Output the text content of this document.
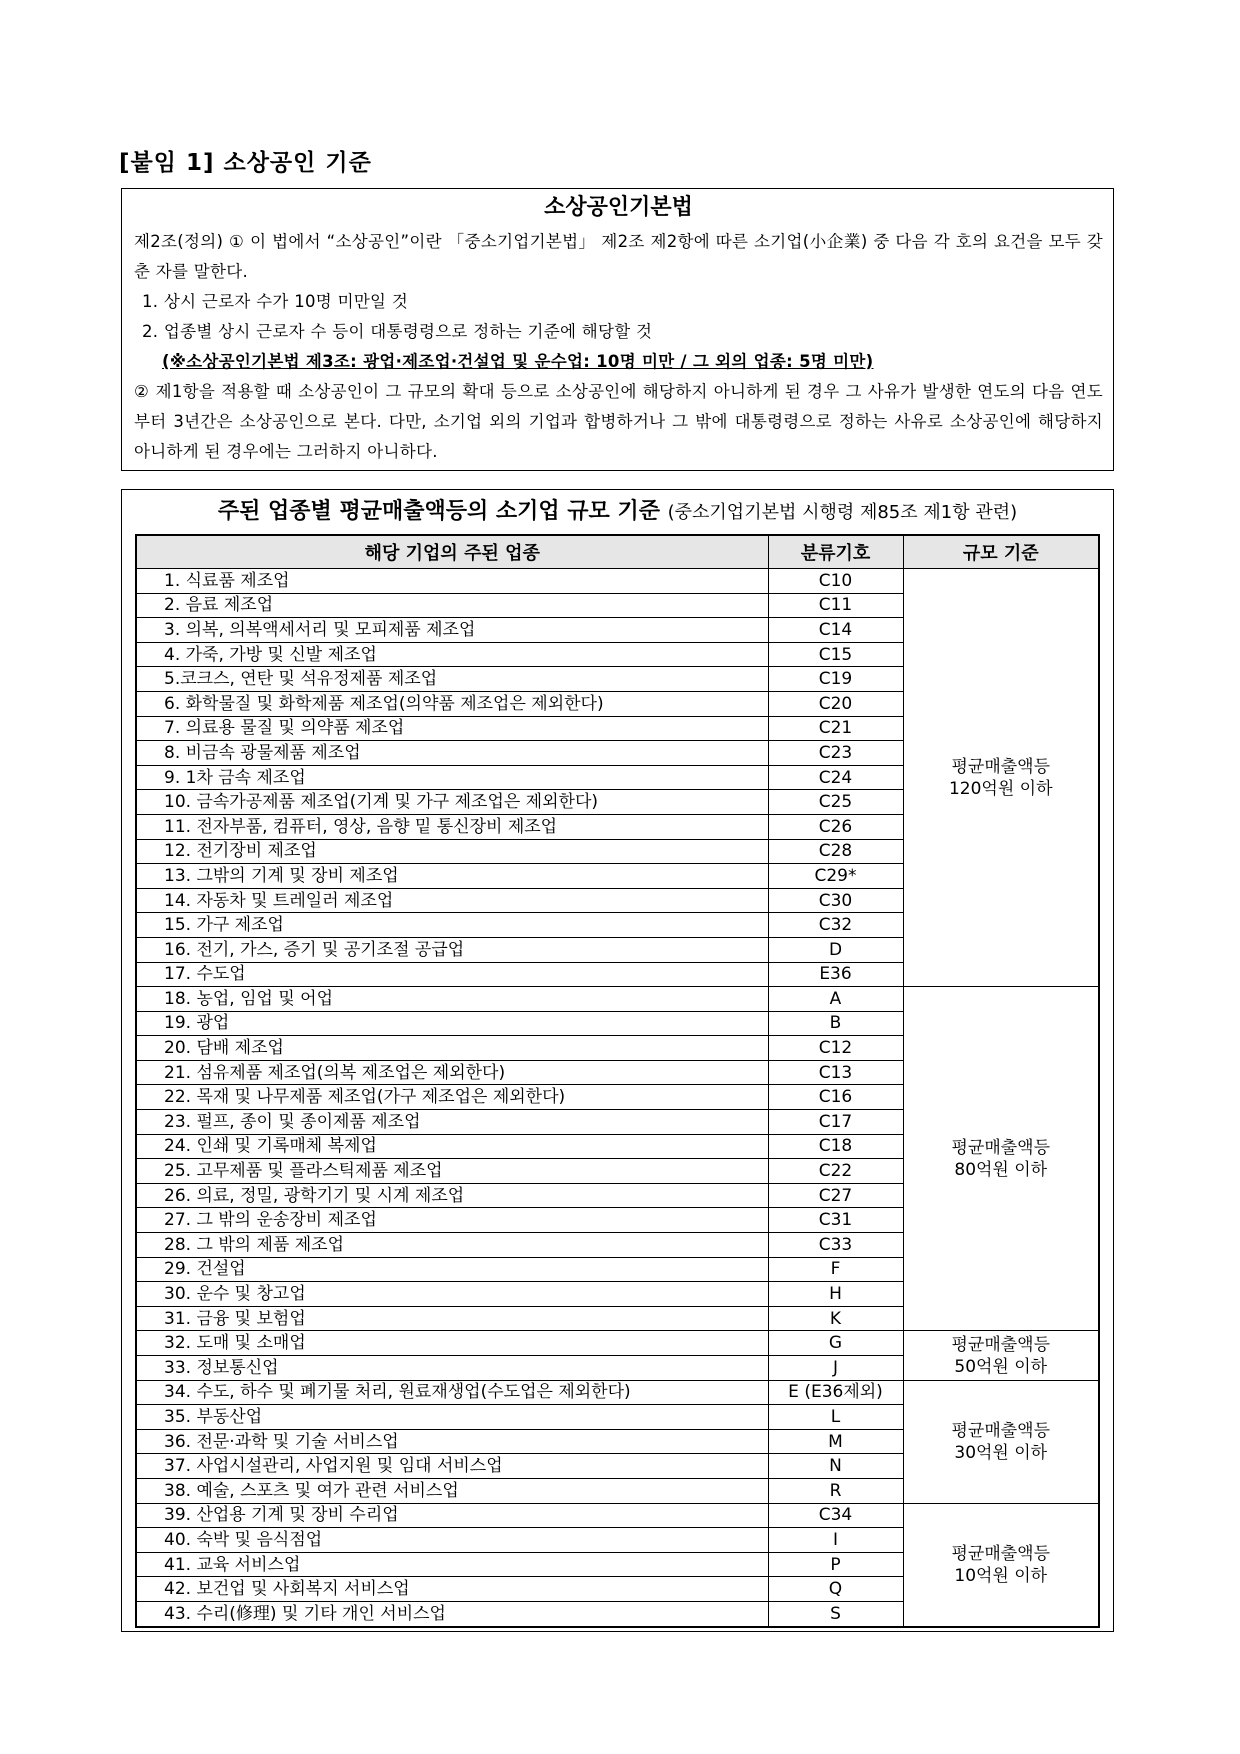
[붙임 1] 소상공인 기준
소상공인기본법

제2조(정의) ① 이 법에서 “소상공인”이란 「중소기업기본법」 제2조 제2항에 따른 소기업(小企業) 중 다음 각 호의 요건을 모두 갖춘 자를 말한다.

1. 상시 근로자 수가 10명 미만일 것

2. 업종별 상시 근로자 수 등이 대통령령으로 정하는 기준에 해당할 것

(※소상공인기본법 제3조: 광업·제조업·건설업 및 운수업: 10명 미만 / 그 외의 업종: 5명 미만)

② 제1항을 적용할 때 소상공인이 그 규모의 확대 등으로 소상공인에 해당하지 아니하게 된 경우 그 사유가 발생한 연도의 다음 연도부터 3년간은 소상공인으로 본다. 다만, 소기업 외의 기업과 합병하거나 그 밖에 대통령령으로 정하는 사유로 소상공인에 해당하지 아니하게 된 경우에는 그러하지 아니하다.

주된 업종별 평균매출액등의 소기업 규모 기준 (중소기업기본법 시행령 제85조 제1항 관련)
해당 기업의 주된 업종	분류기호	규모 기준
1. 식료품 제조업	C10	평균매출액등
120억원 이하

2. 음료 제조업	C11	
3. 의복, 의복액세서리 및 모피제품 제조업	C14	
4. 가죽, 가방 및 신발 제조업	C15	
5.코크스, 연탄 및 석유정제품 제조업	C19	
6. 화학물질 및 화학제품 제조업(의약품 제조업은 제외한다)	C20	
7. 의료용 물질 및 의약품 제조업	C21	
8. 비금속 광물제품 제조업	C23	
9. 1차 금속 제조업	C24	
10. 금속가공제품 제조업(기계 및 가구 제조업은 제외한다)	C25	
11. 전자부품, 컴퓨터, 영상, 음향 밑 통신장비 제조업	C26	
12. 전기장비 제조업	C28	
13. 그밖의 기계 및 장비 제조업	C29*	
14. 자동차 및 트레일러 제조업	C30	
15. 가구 제조업	C32	
16. 전기, 가스, 증기 및 공기조절 공급업	D	
17. 수도업	E36	
18. 농업, 임업 및 어업	A	평균매출액등
80억원 이하

19. 광업	B	
20. 담배 제조업	C12	
21. 섬유제품 제조업(의복 제조업은 제외한다)	C13	
22. 목재 및 나무제품 제조업(가구 제조업은 제외한다)	C16	
23. 펄프, 종이 및 종이제품 제조업	C17	
24. 인쇄 및 기록매체 복제업	C18	
25. 고무제품 및 플라스틱제품 제조업	C22	
26. 의료, 정밀, 광학기기 및 시계 제조업	C27	
27. 그 밖의 운송장비 제조업	C31	
28. 그 밖의 제품 제조업	C33	
29. 건설업	F	
30. 운수 및 창고업	H	
31. 금융 및 보험업	K	
32. 도매 및 소매업	G	평균매출액등
50억원 이하

33. 정보통신업	J	
34. 수도, 하수 및 폐기물 처리, 원료재생업(수도업은 제외한다)	E (E36제외)	평균매출액등
30억원 이하

35. 부동산업	L	
36. 전문·과학 및 기술 서비스업	M	
37. 사업시설관리, 사업지원 및 임대 서비스업	N	
38. 예술, 스포츠 및 여가 관련 서비스업	R	
39. 산업용 기계 및 장비 수리업	C34	평균매출액등
10억원 이하

40. 숙박 및 음식점업	I	
41. 교육 서비스업	P	
42. 보건업 및 사회복지 서비스업	Q	
43. 수리(修理) 및 기타 개인 서비스업	S	
